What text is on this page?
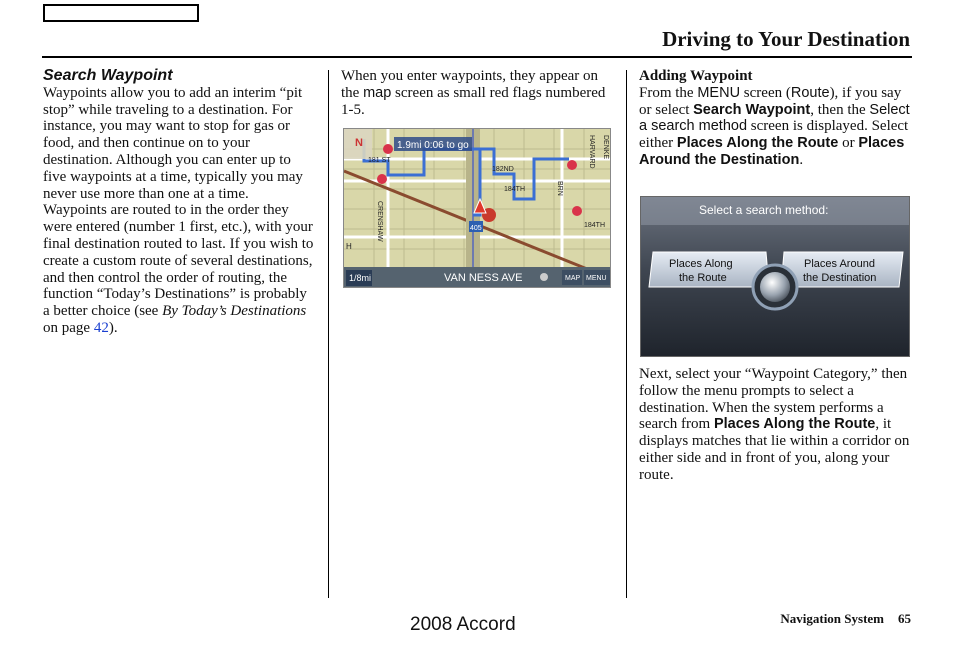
Driving to Your Destination

Search Waypoint

Waypoints allow you to add an interim “pit stop” while traveling to a destination. For instance, you may want to stop for gas or food, and then continue on to your destination. Although you can enter up to five waypoints at a time, typically you may never use more than one at a time. Waypoints are routed to in the order they were entered (number 1 first, etc.), with your final destination routed to last. If you wish to create a custom route of several destinations, and then control the order of routing, the function “Today’s Destinations” is probably a better choice (see By Today’s Destinations on page 42).

When you enter waypoints, they appear on the map screen as small red flags numbered 1-5.

N	1.9mi 0:06 to go
181 ST
182ND
184TH
184TH
HARVARD DENKE
CRENSHAW
BRN
H
405
1/8mi	VAN NESS AVE	MAP MENU

Adding Waypoint

From the MENU screen (Route), if you say or select Search Waypoint, then the Select a search method screen is displayed. Select either Places Along the Route or Places Around the Destination.

Select a search method:
Places Along
the Route
Places Around
the Destination

Next, select your “Waypoint Category,” then follow the menu prompts to select a destination. When the system performs a search from Places Along the Route, it displays matches that lie within a corridor on either side and in front of you, along your route.

2008 Accord	Navigation System 65
